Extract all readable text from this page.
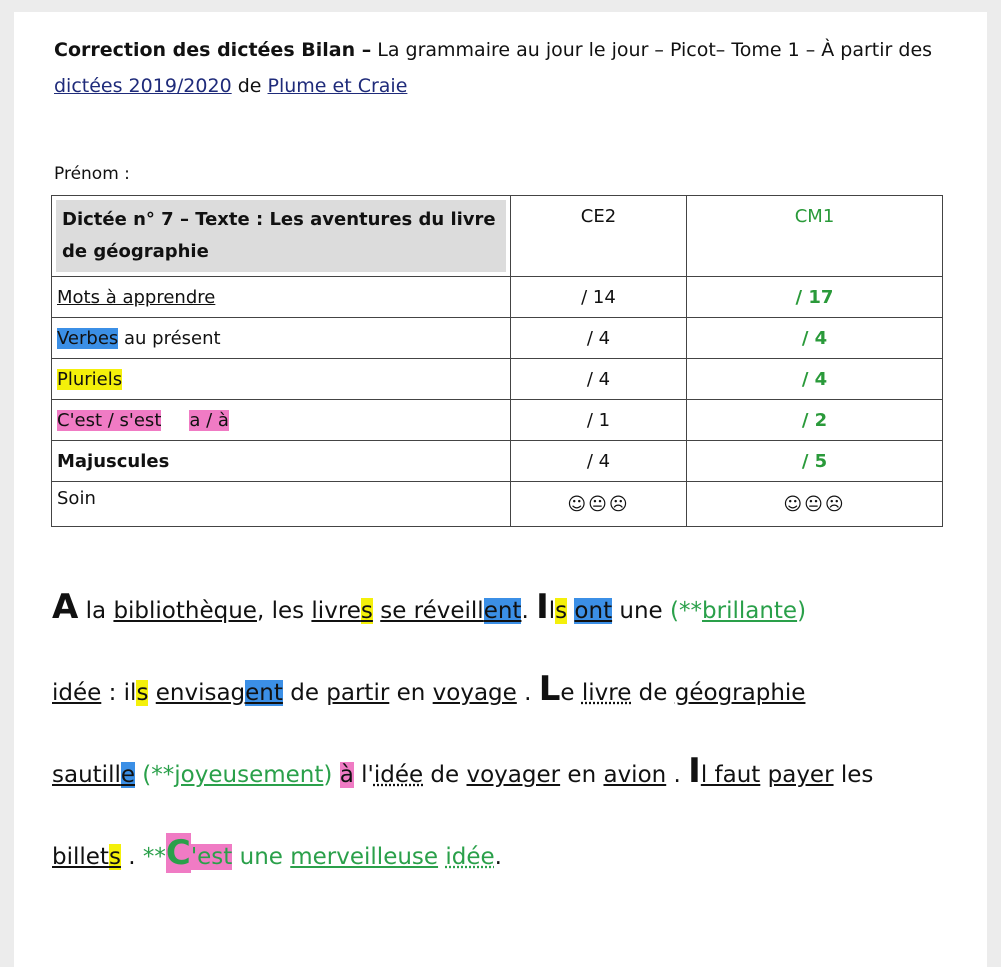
Correction des dictées Bilan – La grammaire au jour le jour – Picot– Tome 1 – À partir des dictées 2019/2020 de Plume et Craie
Prénom :
Dictée n° 7 – Texte : Les aventures du livre de géographie	CE2	CM1
Mots à apprendre	/ 14	/ 17
Verbes au présent	/ 4	/ 4
Pluriels	/ 4	/ 4
C'est / s'est a / à	/ 1	/ 2
Majuscules	/ 4	/ 5
Soin	☺😐☹	☺😐☹
A la bibliothèque, les livres se réveillent. Ils ont une (**brillante)
idée : ils envisagent de partir en voyage . Le livre de géographie
sautille (**joyeusement) à l'idée de voyager en avion . Il faut payer les
billets . **C'est une merveilleuse idée.
